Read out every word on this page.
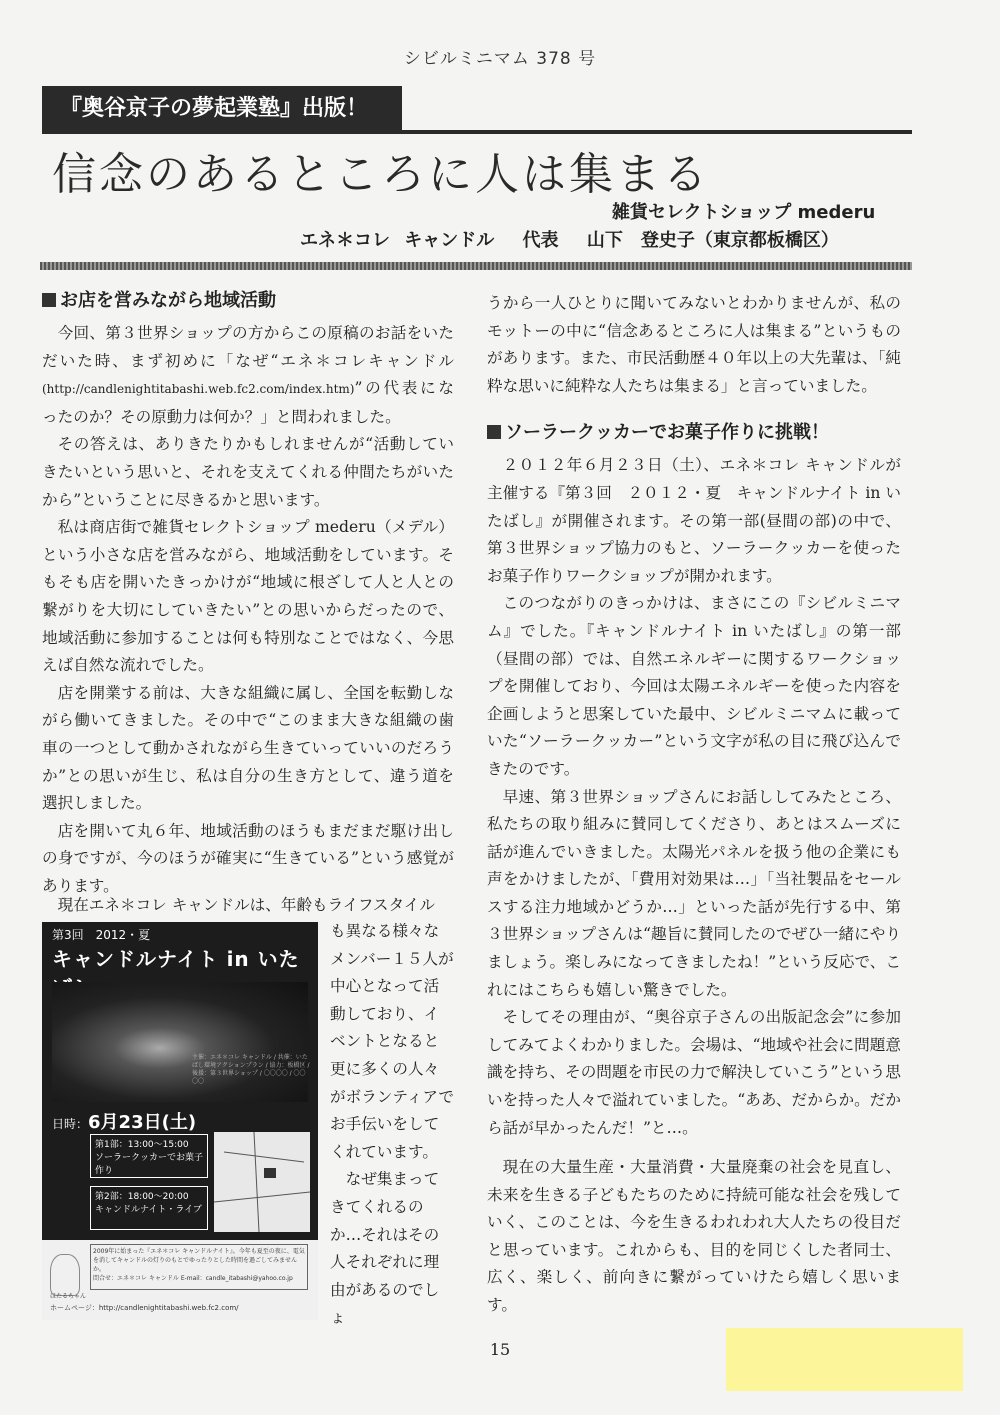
シビルミニマム 378 号
『奥谷京子の夢起業塾』出版！
信念のあるところに人は集まる
雑貨セレクトショップ mederu
エネ＊コレ キャンドル 代表 山下　登史子（東京都板橋区）
お店を営みながら地域活動

今回、第３世界ショップの方からこの原稿のお話をいただいた時、まず初めに「なぜ“エネ＊コレキャンドル(http://candlenightitabashi.web.fc2.com/index.htm)”の代表になったのか？その原動力は何か？」と問われました。

その答えは、ありきたりかもしれませんが“活動していきたいという思いと、それを支えてくれる仲間たちがいたから”ということに尽きるかと思います。

私は商店街で雑貨セレクトショップ mederu（メデル）という小さな店を営みながら、地域活動をしています。そもそも店を開いたきっかけが“地域に根ざして人と人との繋がりを大切にしていきたい”との思いからだったので、地域活動に参加することは何も特別なことではなく、今思えば自然な流れでした。

店を開業する前は、大きな組織に属し、全国を転勤しながら働いてきました。その中で“このまま大きな組織の歯車の一つとして動かされながら生きていっていいのだろうか”との思いが生じ、私は自分の生き方として、違う道を選択しました。

店を開いて丸６年、地域活動のほうもまだまだ駆け出しの身ですが、今のほうが確実に“生きている”という感覚があります。

現在エネ＊コレ キャンドルは、年齢もライフスタイル

も異なる様々なメンバー１５人が中心となって活動しており、イベントとなると更に多くの人々がボランティアでお手伝いをしてくれています。

なぜ集まってきてくれるのか…それはその人それぞれに理由があるのでしょ

第3回　2012・夏
キャンドルナイト in いた
主催：エネ＊コレ キャンドル / 共催：いたばし環境アクションプラン / 協力：板橋区 / 後援：第３世界ショップ / 〇〇〇〇 / 〇〇〇〇
日時：6月23日(土)
第1部：13:00〜15:00
ソーラークッカーでお菓子作り
第2部：18:00〜20:00
キャンドルナイト・ライブ
ほたるちゃん
2009年に始まった『エネ＊コレ キャンドルナイト』。今年も夏至の夜に、電気を消してキャンドルの灯りのもとでゆったりとした時間を過ごしてみませんか。
問合せ：エネ＊コレ キャンドル E-mail：candle_itabashi@yahoo.co.jp
ホームページ：http://candlenightitabashi.web.fc2.com/

うから一人ひとりに聞いてみないとわかりませんが、私のモットーの中に“信念あるところに人は集まる”というものがあります。また、市民活動歴４０年以上の大先輩は、「純粋な思いに純粋な人たちは集まる」と言っていました。

ソーラークッカーでお菓子作りに挑戦！

２０１２年６月２３日（土）、エネ＊コレ キャンドルが主催する『第３回　２０１２・夏　キャンドルナイト in いたばし』が開催されます。その第一部(昼間の部)の中で、第３世界ショップ協力のもと、ソーラークッカーを使ったお菓子作りワークショップが開かれます。

このつながりのきっかけは、まさにこの『シビルミニマム』でした。『キャンドルナイト in いたばし』の第一部（昼間の部）では、自然エネルギーに関するワークショップを開催しており、今回は太陽エネルギーを使った内容を企画しようと思案していた最中、シビルミニマムに載っていた“ソーラークッカー”という文字が私の目に飛び込んできたのです。

早速、第３世界ショップさんにお話ししてみたところ、私たちの取り組みに賛同してくださり、あとはスムーズに話が進んでいきました。太陽光パネルを扱う他の企業にも声をかけましたが、「費用対効果は…」「当社製品をセールスする注力地域かどうか…」といった話が先行する中、第３世界ショップさんは“趣旨に賛同したのでぜひ一緒にやりましょう。楽しみになってきましたね！”という反応で、これにはこちらも嬉しい驚きでした。

そしてその理由が、“奥谷京子さんの出版記念会”に参加してみてよくわかりました。会場は、“地域や社会に問題意識を持ち、その問題を市民の力で解決していこう”という思いを持った人々で溢れていました。“ああ、だからか。だから話が早かったんだ！”と…。

現在の大量生産・大量消費・大量廃棄の社会を見直し、未来を生きる子どもたちのために持続可能な社会を残していく、このことは、今を生きるわれわれ大人たちの役目だと思っています。これからも、目的を同じくした者同士、広く、楽しく、前向きに繋がっていけたら嬉しく思います。

15
